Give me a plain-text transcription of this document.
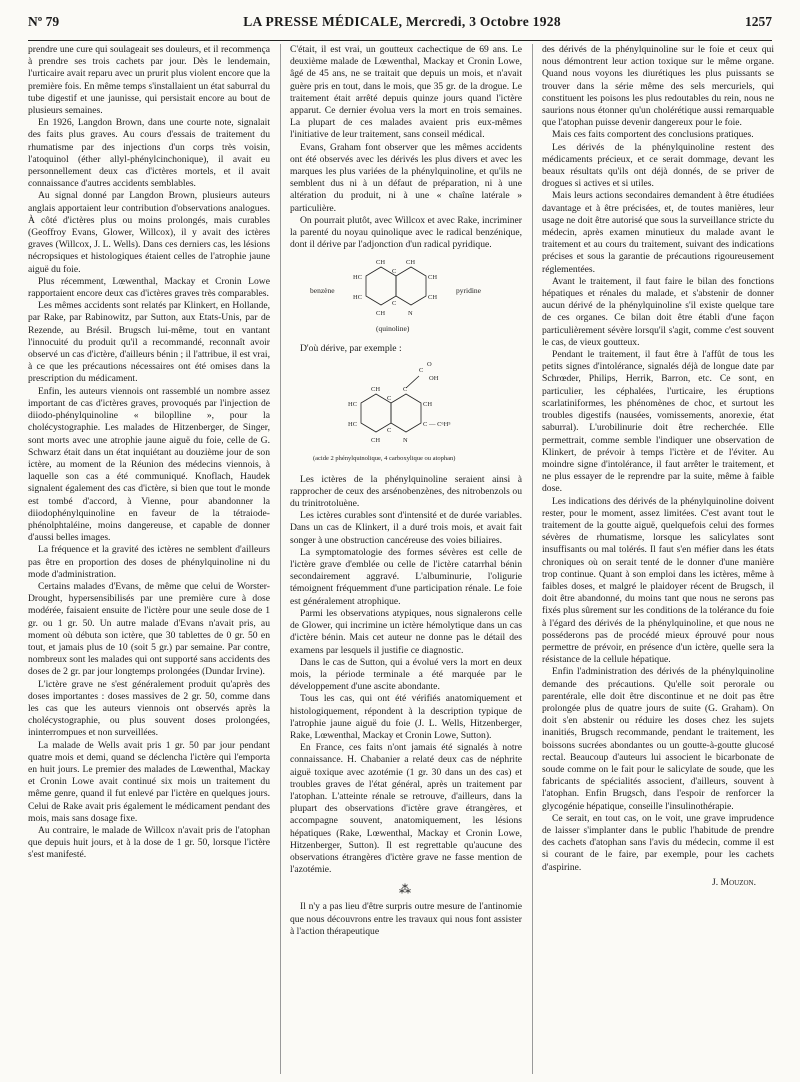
Nº 79	LA PRESSE MÉDICALE, Mercredi, 3 Octobre 1928	1257

prendre une cure qui soulageait ses douleurs, et il recommença à prendre ses trois cachets par jour. Dès le lendemain, l'urticaire avait reparu avec un prurit plus violent encore que la première fois. En même temps s'installaient un état saburral du tube digestif et une jaunisse, qui persistait encore au bout de plusieurs semaines.

En 1926, Langdon Brown, dans une courte note, signalait des faits plus graves. Au cours d'essais de traitement du rhumatisme par des injections d'un corps très voisin, l'atoquinol (éther allyl-phénylcinchonique), il avait eu personnellement deux cas d'ictères mortels, et il avait connaissance d'autres accidents semblables.

Au signal donné par Langdon Brown, plusieurs auteurs anglais apportaient leur contribution d'observations analogues. À côté d'ictères plus ou moins prolongés, mais curables (Geoffroy Evans, Glower, Willcox), il y avait des ictères graves (Willcox, J. L. Wells). Dans ces derniers cas, les lésions nécropsiques et histologiques étaient celles de l'atrophie jaune aiguë du foie.

Plus récemment, Lœwenthal, Mackay et Cronin Lowe rapportaient encore deux cas d'ictères graves très comparables.

Les mêmes accidents sont relatés par Klinkert, en Hollande, par Rake, par Rabinowitz, par Sutton, aux Etats-Unis, par de Rezende, au Brésil. Brugsch lui-même, tout en vantant l'innocuité du produit qu'il a recommandé, reconnaît avoir observé un cas d'ictère, d'ailleurs bénin ; il l'attribue, il est vrai, à ce que les précautions nécessaires ont été omises dans la prescription du médicament.

Enfin, les auteurs viennois ont rassemblé un nombre assez important de cas d'ictères graves, provoqués par l'injection de diiodo-phénylquinoline « biloplline », pour la cholécystographie. Les malades de Hitzenberger, de Singer, sont morts avec une atrophie jaune aiguë du foie, celle de G. Schwarz était dans un état inquiétant au douzième jour de son ictère, au moment de la Réunion des médecins viennois, à laquelle son cas a été communiqué. Knoflach, Haudek signalent également des cas d'ictère, si bien que tout le monde est tombé d'accord, à Vienne, pour abandonner la diiodophénylquinoline en faveur de la tétraiode-phénolphtaléine, moins dangereuse, et capable de donner d'aussi belles images.

La fréquence et la gravité des ictères ne semblent d'ailleurs pas être en proportion des doses de phénylquinoline ni du mode d'administration.

Certains malades d'Evans, de même que celui de Worster-Drought, hypersensibilisés par une première cure à dose modérée, faisaient ensuite de l'ictère pour une seule dose de 1 gr. ou 1 gr. 50. Un autre malade d'Evans n'avait pris, au moment où débuta son ictère, que 30 tablettes de 0 gr. 50 en tout, et jamais plus de 10 (soit 5 gr.) par semaine. Par contre, nombreux sont les malades qui ont supporté sans accidents des doses de 2 gr. par jour longtemps prolongées (Dundar Irvine).

L'ictère grave ne s'est généralement produit qu'après des doses importantes : doses massives de 2 gr. 50, comme dans les cas que les auteurs viennois ont observés après la cholécystographie, ou plus souvent doses prolongées, ininterrompues et non surveillées.

La malade de Wells avait pris 1 gr. 50 par jour pendant quatre mois et demi, quand se déclencha l'ictère qui l'emporta en huit jours. Le premier des malades de Lœwenthal, Mackay et Cronin Lowe avait continué six mois un traitement du même genre, quand il fut enlevé par l'ictère en quelques jours. Celui de Rake avait pris également le médicament pendant des mois, mais sans dosage fixe.

Au contraire, le malade de Willcox n'avait pris de l'atophan que depuis huit jours, et à la dose de 1 gr. 50, lorsque l'ictère s'est manifesté.

C'était, il est vrai, un goutteux cachectique de 69 ans. Le deuxième malade de Lœwenthal, Mackay et Cronin Lowe, âgé de 45 ans, ne se traitait que depuis un mois, et n'avait guère pris en tout, dans le mois, que 35 gr. de la drogue. Le traitement était arrêté depuis quinze jours quand l'ictère apparut. Ce dernier évolua vers la mort en trois semaines. La plupart de ces malades avaient pris eux-mêmes l'initiative de leur traitement, sans conseil médical.

Evans, Graham font observer que les mêmes accidents ont été observés avec les dérivés les plus divers et avec les marques les plus variées de la phénylquinoline, et qu'ils ne semblent dus ni à un défaut de préparation, ni à une altération du produit, ni à une « chaîne latérale » particulière.

On pourrait plutôt, avec Willcox et avec Rake, incriminer la parenté du noyau quinolique avec le radical benzénique, dont il dérive par l'adjonction d'un radical pyridique.

benzène	pyridine
CH	CH
HC	CH
HC	CH
C
C
CH	N
(quinoline)

D'où dérive, par exemple :

C
O
OH
CH	C
HC	CH
HC	C — C⁶H⁵
C
C
CH	N
(acide 2 phénylquinolique, 4 carboxylique ou atophan)

Les ictères de la phénylquinoline seraient ainsi à rapprocher de ceux des arsénobenzènes, des nitrobenzols ou du trinitrotoluène.

Les ictères curables sont d'intensité et de durée variables. Dans un cas de Klinkert, il a duré trois mois, et avait fait songer à une obstruction cancéreuse des voies biliaires.

La symptomatologie des formes sévères est celle de l'ictère grave d'emblée ou celle de l'ictère catarrhal bénin secondairement aggravé. L'albuminurie, l'oligurie témoignent fréquemment d'une participation rénale. Le foie est généralement atrophique.

Parmi les observations atypiques, nous signalerons celle de Glower, qui incrimine un ictère hémolytique dans un cas d'ictère bénin. Mais cet auteur ne donne pas le détail des examens par lesquels il justifie ce diagnostic.

Dans le cas de Sutton, qui a évolué vers la mort en deux mois, la période terminale a été marquée par le développement d'une ascite abondante.

Tous les cas, qui ont été vérifiés anatomiquement et histologiquement, répondent à la description typique de l'atrophie jaune aiguë du foie (J. L. Wells, Hitzenberger, Rake, Lœwenthal, Mackay et Cronin Lowe, Sutton).

En France, ces faits n'ont jamais été signalés à notre connaissance. H. Chabanier a relaté deux cas de néphrite aiguë toxique avec azotémie (1 gr. 30 dans un des cas) et troubles graves de l'état général, après un traitement par l'atophan. L'atteinte rénale se retrouve, d'ailleurs, dans la plupart des observations d'ictère grave étrangères, et accompagne souvent, anatomiquement, les lésions hépatiques (Rake, Lœwenthal, Mackay et Cronin Lowe, Hitzenberger, Sutton). Il est regrettable qu'aucune des observations étrangères d'ictère grave ne fasse mention de l'azotémie.

⁂

Il n'y a pas lieu d'être surpris outre mesure de l'antinomie que nous découvrons entre les travaux qui nous font assister à l'action thérapeutique

des dérivés de la phénylquinoline sur le foie et ceux qui nous démontrent leur action toxique sur le même organe. Quand nous voyons les diurétiques les plus puissants se trouver dans la série même des sels mercuriels, qui constituent les poisons les plus redoutables du rein, nous ne saurions nous étonner qu'un cholérétique aussi remarquable que l'atophan puisse devenir dangereux pour le foie.

Mais ces faits comportent des conclusions pratiques.

Les dérivés de la phénylquinoline restent des médicaments précieux, et ce serait dommage, devant les beaux résultats qu'ils ont déjà donnés, de se priver de drogues si actives et si utiles.

Mais leurs actions secondaires demandent à être étudiées davantage et à être précisées, et, de toutes manières, leur usage ne doit être autorisé que sous la surveillance stricte du médecin, après examen minutieux du malade avant le traitement et au cours du traitement, suivant des indications précises et sous la garantie de précautions rigoureusement réglementées.

Avant le traitement, il faut faire le bilan des fonctions hépatiques et rénales du malade, et s'abstenir de donner aucun dérivé de la phénylquinoline s'il existe quelque tare de ces organes. Ce bilan doit être établi d'une façon particulièrement sévère lorsqu'il s'agit, comme c'est souvent le cas, de vieux goutteux.

Pendant le traitement, il faut être à l'affût de tous les petits signes d'intolérance, signalés déjà de longue date par Schrœder, Philips, Herrik, Barron, etc. Ce sont, en particulier, les céphalées, l'urticaire, les éruptions scarlatiniformes, les phénomènes de choc, et surtout les troubles digestifs (nausées, vomissements, anorexie, état saburral). L'urobilinurie doit être recherchée. Elle permettrait, comme semble l'indiquer une observation de Klinkert, de prévoir à temps l'ictère et de l'éviter. Au moindre signe d'intolérance, il faut arrêter le traitement, et ne plus essayer de le reprendre par la suite, même à faible dose.

Les indications des dérivés de la phénylquinoline doivent rester, pour le moment, assez limitées. C'est avant tout le traitement de la goutte aiguë, quelquefois celui des formes sévères de rhumatisme, lorsque les salicylates sont insuffisants ou mal tolérés. Il faut s'en méfier dans les états chroniques où on serait tenté de le donner d'une manière trop continue. Quant à son emploi dans les ictères, même à faibles doses, et malgré le plaidoyer récent de Brugsch, il doit être abandonné, du moins tant que nous ne serons pas fixés plus sûrement sur les conditions de la tolérance du foie à l'égard des dérivés de la phénylquinoline, et que nous ne posséderons pas de procédé mieux éprouvé pour nous permettre de prévoir, en présence d'un ictère, quelle sera la résistance de la cellule hépatique.

Enfin l'administration des dérivés de la phénylquinoline demande des précautions. Qu'elle soit perorale ou parentérale, elle doit être discontinue et ne doit pas être prolongée plus de quatre jours de suite (G. Graham). On doit s'en abstenir ou réduire les doses chez les sujets inanitiés, Brugsch recommande, pendant le traitement, les boissons sucrées abondantes ou un goutte-à-goutte glucosé rectal. Beaucoup d'auteurs lui associent le bicarbonate de soude comme on le fait pour le salicylate de soude, que les fabricants de spécialités associent, d'ailleurs, souvent à l'atophan. Enfin Brugsch, dans l'espoir de renforcer la glycogénie hépatique, conseille l'insulinothérapie.

Ce serait, en tout cas, on le voit, une grave imprudence de laisser s'implanter dans le public l'habitude de prendre des cachets d'atophan sans l'avis du médecin, comme il est si courant de le faire, par exemple, pour les cachets d'aspirine.

J. Mouzon.
